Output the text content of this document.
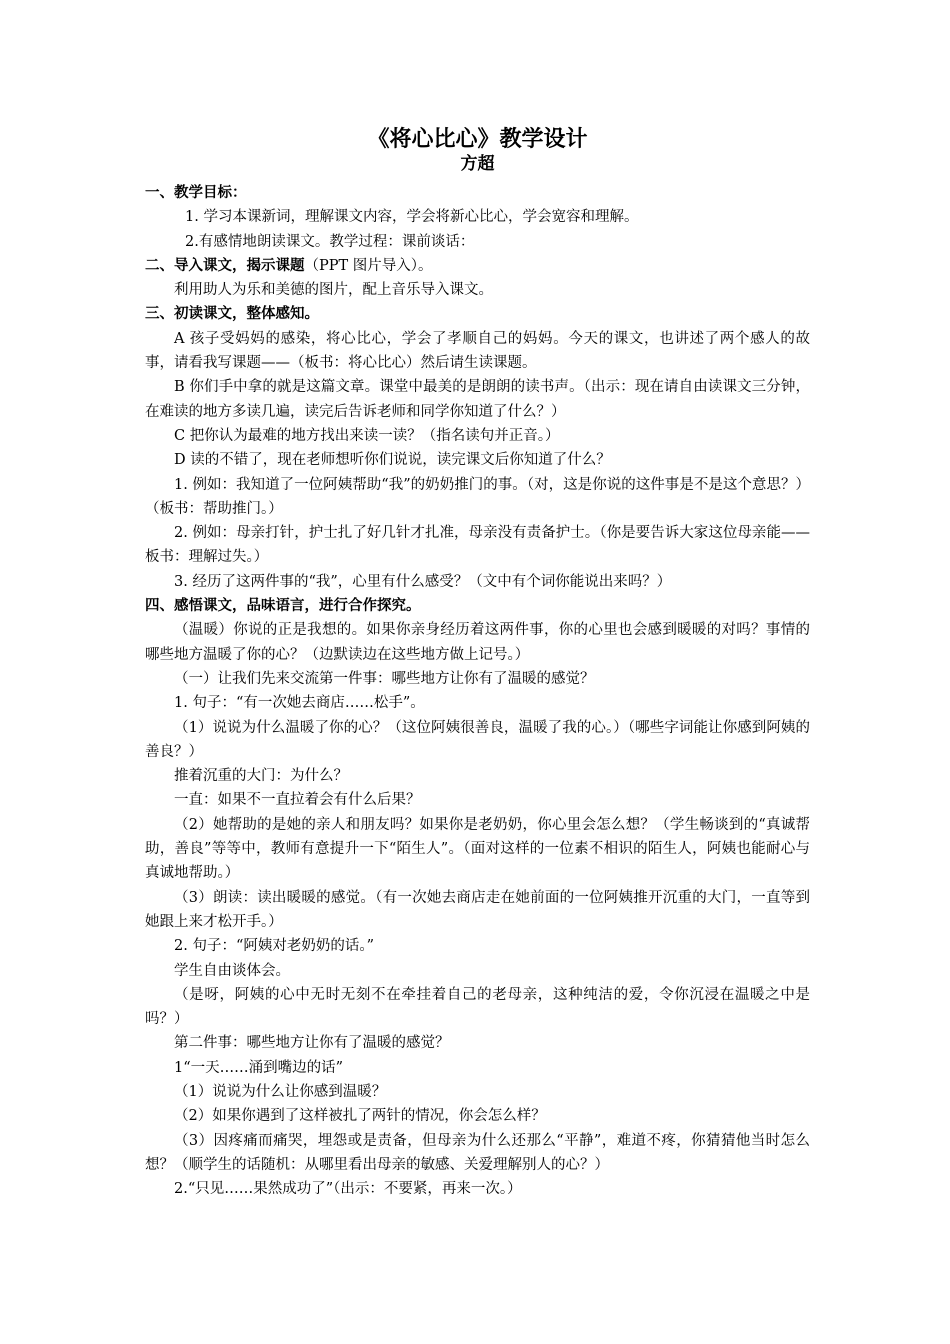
《将心比心》教学设计
方超

一、教学目标：

1. 学习本课新词，理解课文内容，学会将新心比心，学会宽容和理解。

2.有感情地朗读课文。教学过程：课前谈话：

二、导入课文，揭示课题（PPT 图片导入）。

利用助人为乐和美德的图片，配上音乐导入课文。

三、初读课文，整体感知。

A 孩子受妈妈的感染，将心比心，学会了孝顺自己的妈妈。今天的课文，也讲述了两个感人的故事，请看我写课题——（板书：将心比心）然后请生读课题。

B 你们手中拿的就是这篇文章。课堂中最美的是朗朗的读书声。（出示：现在请自由读课文三分钟，在难读的地方多读几遍，读完后告诉老师和同学你知道了什么？）

C 把你认为最难的地方找出来读一读？（指名读句并正音。）

D 读的不错了，现在老师想听你们说说，读完课文后你知道了什么？

1. 例如：我知道了一位阿姨帮助“我”的奶奶推门的事。（对，这是你说的这件事是不是这个意思？）（板书：帮助推门。）

2. 例如：母亲打针，护士扎了好几针才扎准，母亲没有责备护士。（你是要告诉大家这位母亲能——板书：理解过失。）

3. 经历了这两件事的“我”，心里有什么感受？（文中有个词你能说出来吗？）

四、感悟课文，品味语言，进行合作探究。

（温暖）你说的正是我想的。如果你亲身经历着这两件事，你的心里也会感到暖暖的对吗？事情的哪些地方温暖了你的心？（边默读边在这些地方做上记号。）

（一）让我们先来交流第一件事：哪些地方让你有了温暖的感觉？

1. 句子：“有一次她去商店……松手”。

（1）说说为什么温暖了你的心？（这位阿姨很善良，温暖了我的心。）（哪些字词能让你感到阿姨的善良？）

推着沉重的大门：为什么？

一直：如果不一直拉着会有什么后果？

（2）她帮助的是她的亲人和朋友吗？如果你是老奶奶，你心里会怎么想？（学生畅谈到的“真诚帮助，善良”等等中，教师有意提升一下“陌生人”。（面对这样的一位素不相识的陌生人，阿姨也能耐心与真诚地帮助。）

（3）朗读：读出暖暖的感觉。（有一次她去商店走在她前面的一位阿姨推开沉重的大门，一直等到她跟上来才松开手。）

2. 句子：“阿姨对老奶奶的话。”

学生自由谈体会。

（是呀，阿姨的心中无时无刻不在牵挂着自己的老母亲，这种纯洁的爱，令你沉浸在温暖之中是吗？）

第二件事：哪些地方让你有了温暖的感觉？

1“一天……涌到嘴边的话”

（1）说说为什么让你感到温暖？

（2）如果你遇到了这样被扎了两针的情况，你会怎么样？

（3）因疼痛而痛哭，埋怨或是责备，但母亲为什么还那么“平静”，难道不疼，你猜猜他当时怎么想？（顺学生的话随机：从哪里看出母亲的敏感、关爱理解别人的心？）

2.“只见……果然成功了”（出示：不要紧，再来一次。）
